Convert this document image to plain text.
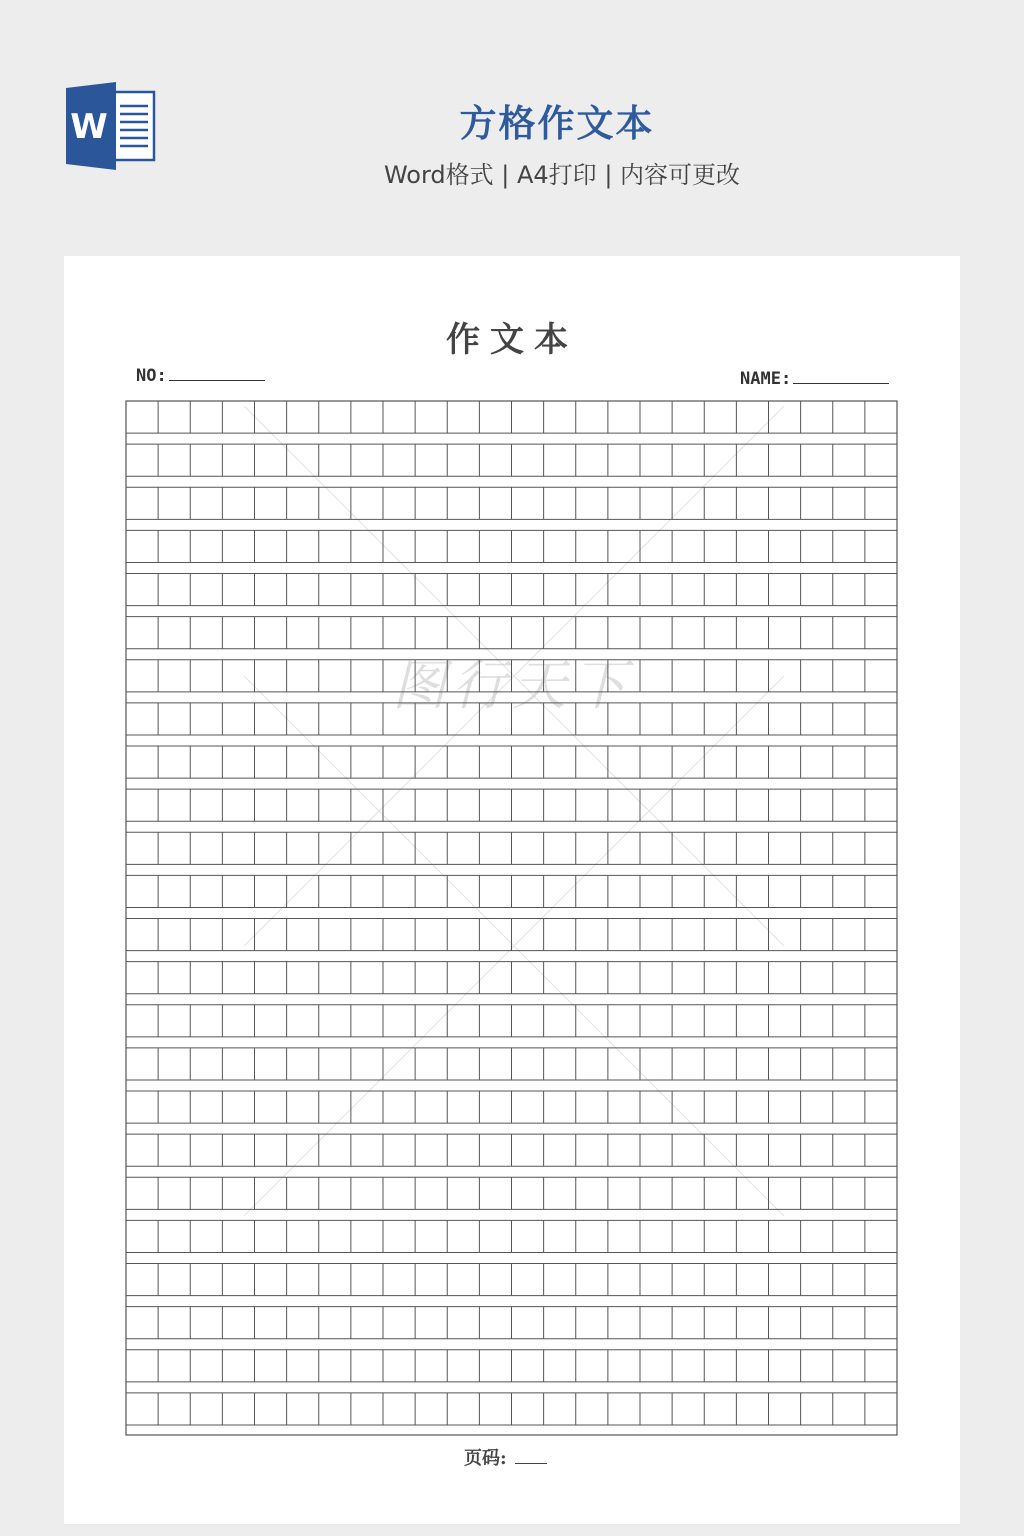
W	方格作文本
Word格式 | A4打印 | 内容可更改
图行天下
作文本
NO:	NAME:
页码:
